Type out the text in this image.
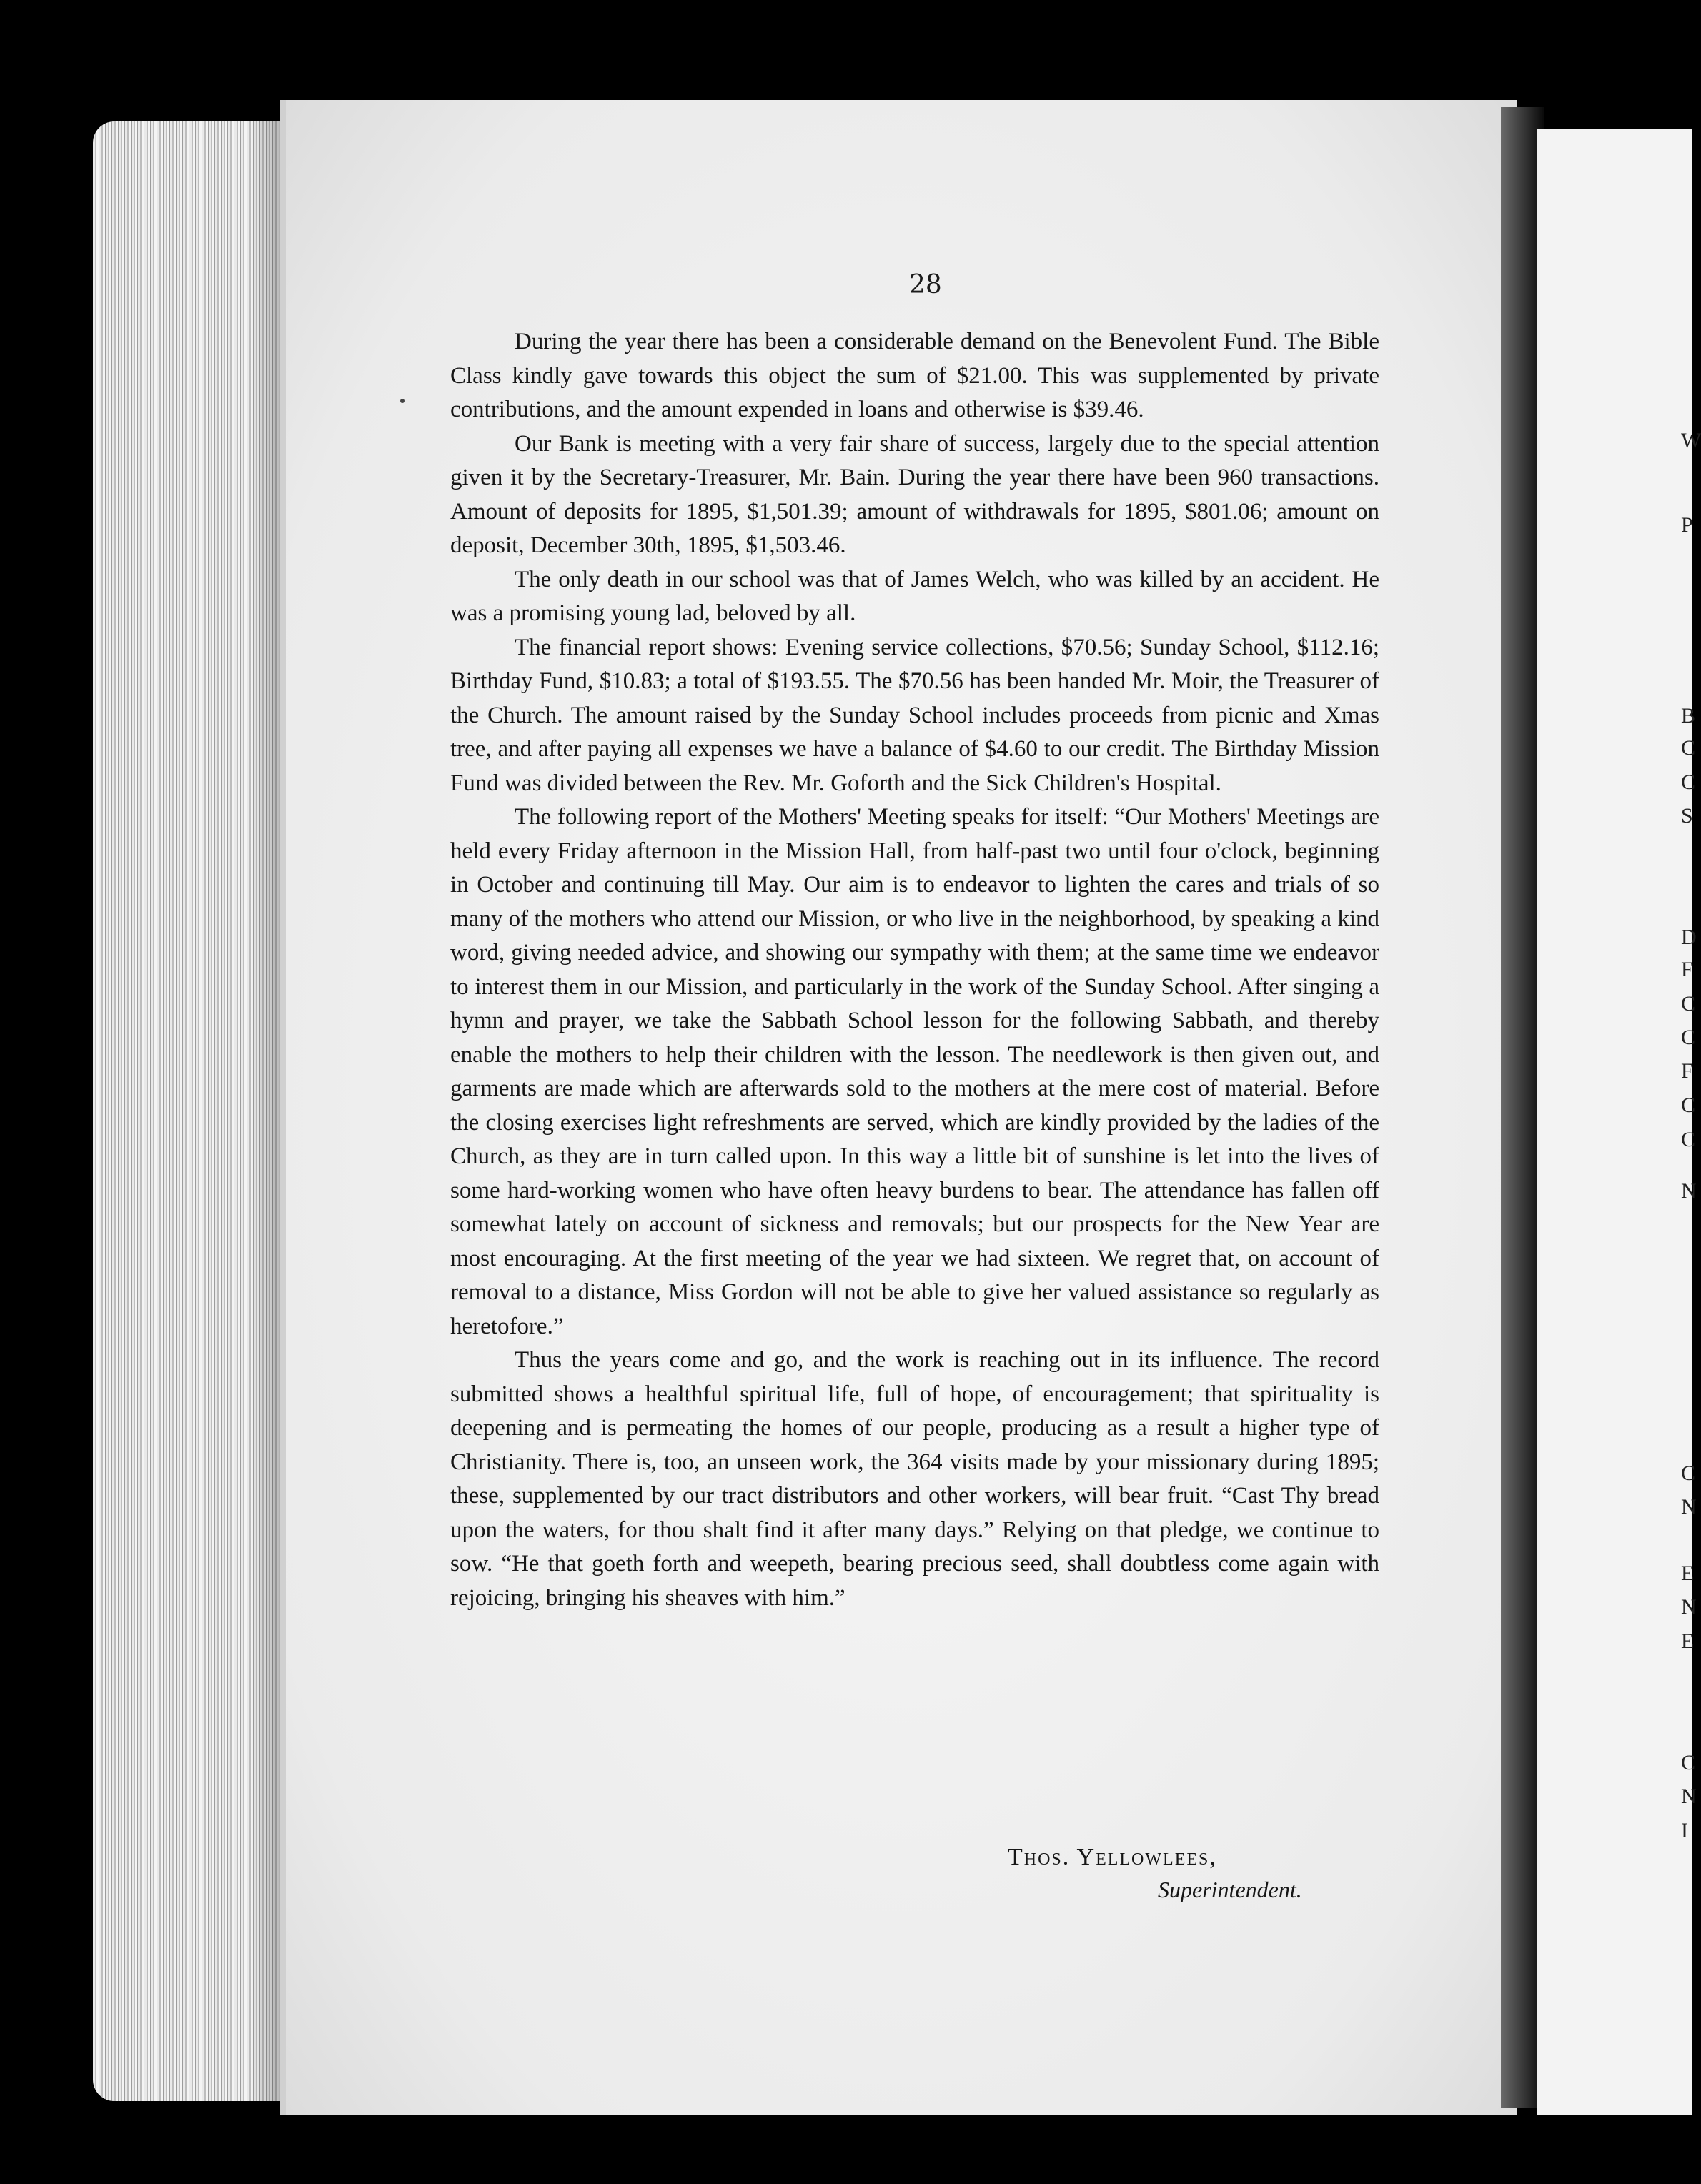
28

During the year there has been a considerable demand on the Benevolent Fund. The Bible Class kindly gave towards this object the sum of $21.00. This was supplemented by private contributions, and the amount expended in loans and otherwise is $39.46.

Our Bank is meeting with a very fair share of success, largely due to the special attention given it by the Secretary-Treasurer, Mr. Bain. During the year there have been 960 transactions. Amount of deposits for 1895, $1,501.39; amount of withdrawals for 1895, $801.06; amount on deposit, December 30th, 1895, $1,503.46.

The only death in our school was that of James Welch, who was killed by an accident. He was a promising young lad, beloved by all.

The financial report shows: Evening service collections, $70.56; Sunday School, $112.16; Birthday Fund, $10.83; a total of $193.55. The $70.56 has been handed Mr. Moir, the Treasurer of the Church. The amount raised by the Sunday School includes proceeds from picnic and Xmas tree, and after paying all expenses we have a balance of $4.60 to our credit. The Birthday Mission Fund was divided between the Rev. Mr. Goforth and the Sick Children's Hospital.

The following report of the Mothers' Meeting speaks for itself: “Our Mothers' Meetings are held every Friday afternoon in the Mission Hall, from half-past two until four o'clock, beginning in October and continuing till May. Our aim is to endeavor to lighten the cares and trials of so many of the mothers who attend our Mission, or who live in the neighborhood, by speaking a kind word, giving needed advice, and showing our sympathy with them; at the same time we endeavor to interest them in our Mission, and particularly in the work of the Sunday School. After singing a hymn and prayer, we take the Sabbath School lesson for the following Sabbath, and thereby enable the mothers to help their children with the lesson. The needlework is then given out, and garments are made which are afterwards sold to the mothers at the mere cost of material. Before the closing exercises light refreshments are served, which are kindly provided by the ladies of the Church, as they are in turn called upon. In this way a little bit of sunshine is let into the lives of some hard-working women who have often heavy burdens to bear. The attendance has fallen off somewhat lately on account of sickness and removals; but our prospects for the New Year are most encouraging. At the first meeting of the year we had sixteen. We regret that, on account of removal to a distance, Miss Gordon will not be able to give her valued assistance so regularly as heretofore.”

Thus the years come and go, and the work is reaching out in its influence. The record submitted shows a healthful spiritual life, full of hope, of encouragement; that spirituality is deepening and is permeating the homes of our people, producing as a result a higher type of Christianity. There is, too, an unseen work, the 364 visits made by your missionary during 1895; these, supplemented by our tract distributors and other workers, will bear fruit. “Cast Thy bread upon the waters, for thou shalt find it after many days.” Relying on that pledge, we continue to sow. “He that goeth forth and weepeth, bearing precious seed, shall doubtless come again with rejoicing, bringing his sheaves with him.”

Thos. Yellowlees,
Superintendent.
W
P
B
C
C
S
D
F
C
C
F
C
C
N
C
N
E
N
E
C
N
I
